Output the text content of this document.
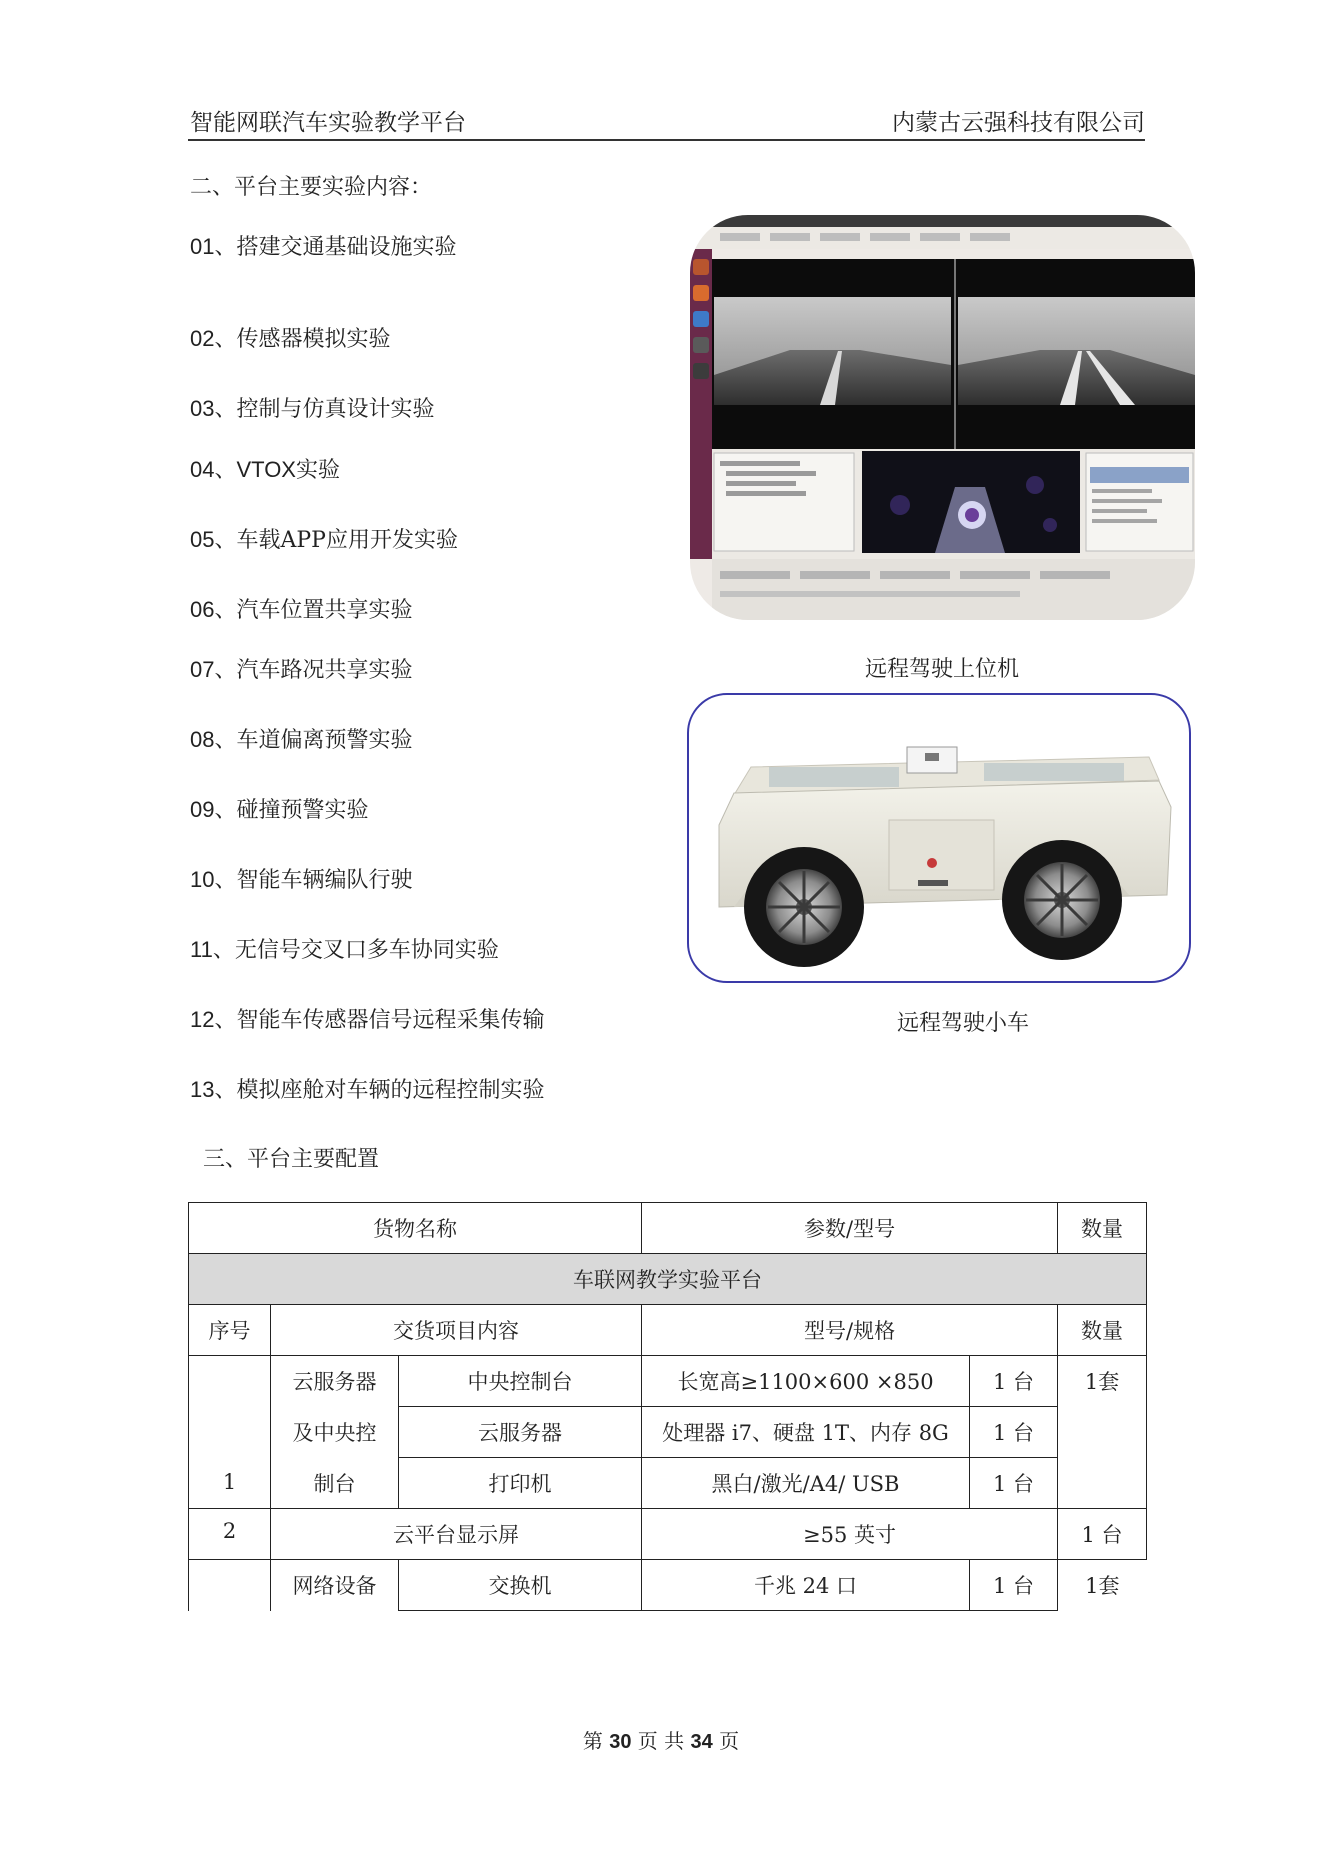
智能网联汽车实验教学平台	内蒙古云强科技有限公司
二、平台主要实验内容：
01、搭建交通基础设施实验
02、传感器模拟实验
03、控制与仿真设计实验
04、VTOX实验
05、车载APP应用开发实验
06、汽车位置共享实验
07、汽车路况共享实验
08、车道偏离预警实验
09、碰撞预警实验
10、智能车辆编队行驶
11、无信号交叉口多车协同实验
12、智能车传感器信号远程采集传输
13、模拟座舱对车辆的远程控制实验
远程驾驶上位机
远程驾驶小车
三、平台主要配置
货物名称			参数/型号		数量
车联网教学实验平台					
序号	交货项目内容		型号/规格		数量
1	云服务器	中央控制台	长宽高≥1100×600 ×850	1 台	1套
	及中央控	云服务器	处理器 i7、硬盘 1T、内存 8G	1 台	
	制台	打印机	黑白/激光/A4/ USB	1 台	
2	云平台显示屏		≥55 英寸		1 台
	网络设备	交换机	千兆 24 口	1 台	1套
第 30 页 共 34 页
